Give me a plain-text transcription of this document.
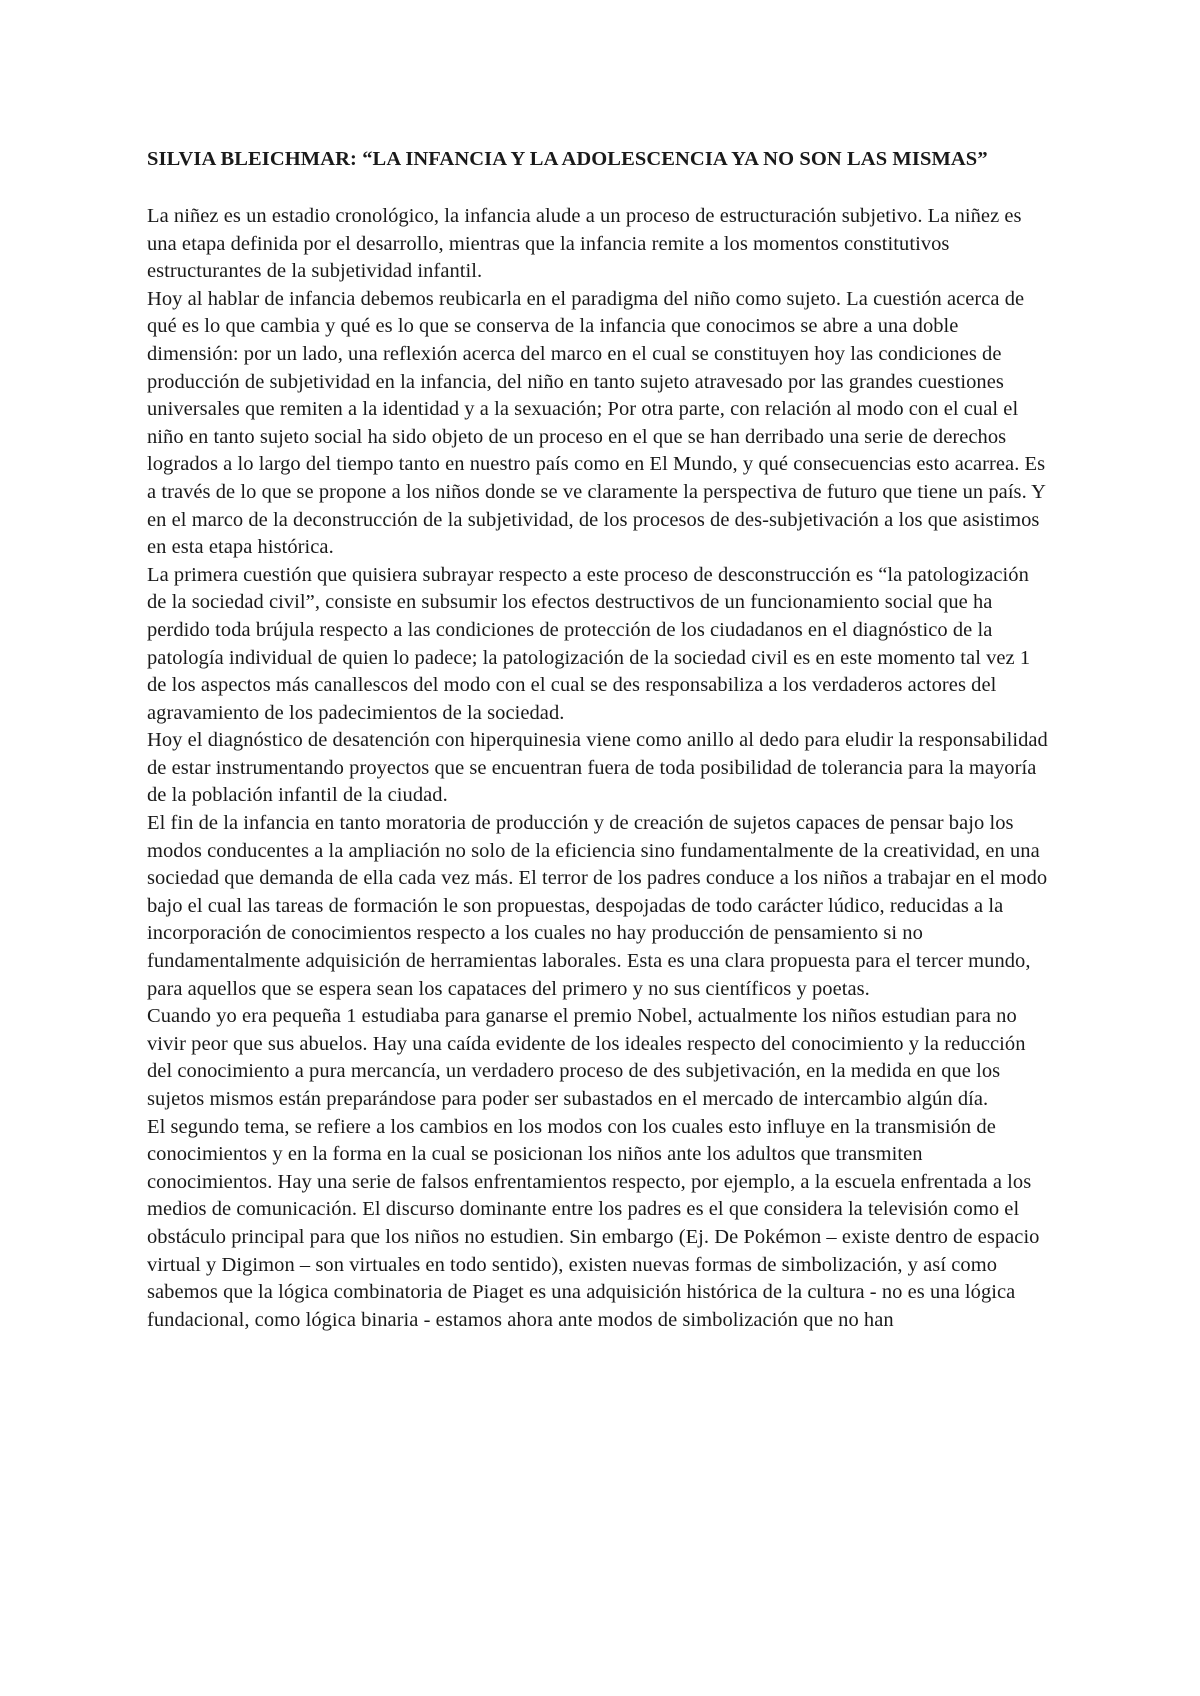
SILVIA BLEICHMAR: “LA INFANCIA Y LA ADOLESCENCIA YA NO SON LAS MISMAS”

La niñez es un estadio cronológico, la infancia alude a un proceso de estructuración subjetivo. La niñez es una etapa definida por el desarrollo, mientras que la infancia remite a los momentos constitutivos estructurantes de la subjetividad infantil.

Hoy al hablar de infancia debemos reubicarla en el paradigma del niño como sujeto. La cuestión acerca de qué es lo que cambia y qué es lo que se conserva de la infancia que conocimos se abre a una doble dimensión: por un lado, una reflexión acerca del marco en el cual se constituyen hoy las condiciones de producción de subjetividad en la infancia, del niño en tanto sujeto atravesado por las grandes cuestiones universales que remiten a la identidad y a la sexuación; Por otra parte, con relación al modo con el cual el niño en tanto sujeto social ha sido objeto de un proceso en el que se han derribado una serie de derechos logrados a lo largo del tiempo tanto en nuestro país como en El Mundo, y qué consecuencias esto acarrea. Es a través de lo que se propone a los niños donde se ve claramente la perspectiva de futuro que tiene un país. Y en el marco de la deconstrucción de la subjetividad, de los procesos de des-subjetivación a los que asistimos en esta etapa histórica.

La primera cuestión que quisiera subrayar respecto a este proceso de desconstrucción es “la patologización de la sociedad civil”, consiste en subsumir los efectos destructivos de un funcionamiento social que ha perdido toda brújula respecto a las condiciones de protección de los ciudadanos en el diagnóstico de la patología individual de quien lo padece; la patologización de la sociedad civil es en este momento tal vez 1 de los aspectos más canallescos del modo con el cual se des responsabiliza a los verdaderos actores del agravamiento de los padecimientos de la sociedad.

Hoy el diagnóstico de desatención con hiperquinesia viene como anillo al dedo para eludir la responsabilidad de estar instrumentando proyectos que se encuentran fuera de toda posibilidad de tolerancia para la mayoría de la población infantil de la ciudad.

El fin de la infancia en tanto moratoria de producción y de creación de sujetos capaces de pensar bajo los modos conducentes a la ampliación no solo de la eficiencia sino fundamentalmente de la creatividad, en una sociedad que demanda de ella cada vez más. El terror de los padres conduce a los niños a trabajar en el modo bajo el cual las tareas de formación le son propuestas, despojadas de todo carácter lúdico, reducidas a la incorporación de conocimientos respecto a los cuales no hay producción de pensamiento si no fundamentalmente adquisición de herramientas laborales. Esta es una clara propuesta para el tercer mundo, para aquellos que se espera sean los capataces del primero y no sus científicos y poetas.

Cuando yo era pequeña 1 estudiaba para ganarse el premio Nobel, actualmente los niños estudian para no vivir peor que sus abuelos. Hay una caída evidente de los ideales respecto del conocimiento y la reducción del conocimiento a pura mercancía, un verdadero proceso de des subjetivación, en la medida en que los sujetos mismos están preparándose para poder ser subastados en el mercado de intercambio algún día.

El segundo tema, se refiere a los cambios en los modos con los cuales esto influye en la transmisión de conocimientos y en la forma en la cual se posicionan los niños ante los adultos que transmiten conocimientos. Hay una serie de falsos enfrentamientos respecto, por ejemplo, a la escuela enfrentada a los medios de comunicación. El discurso dominante entre los padres es el que considera la televisión como el obstáculo principal para que los niños no estudien. Sin embargo (Ej. De Pokémon – existe dentro de espacio virtual y Digimon – son virtuales en todo sentido), existen nuevas formas de simbolización, y así como sabemos que la lógica combinatoria de Piaget es una adquisición histórica de la cultura - no es una lógica fundacional, como lógica binaria - estamos ahora ante modos de simbolización que no han
